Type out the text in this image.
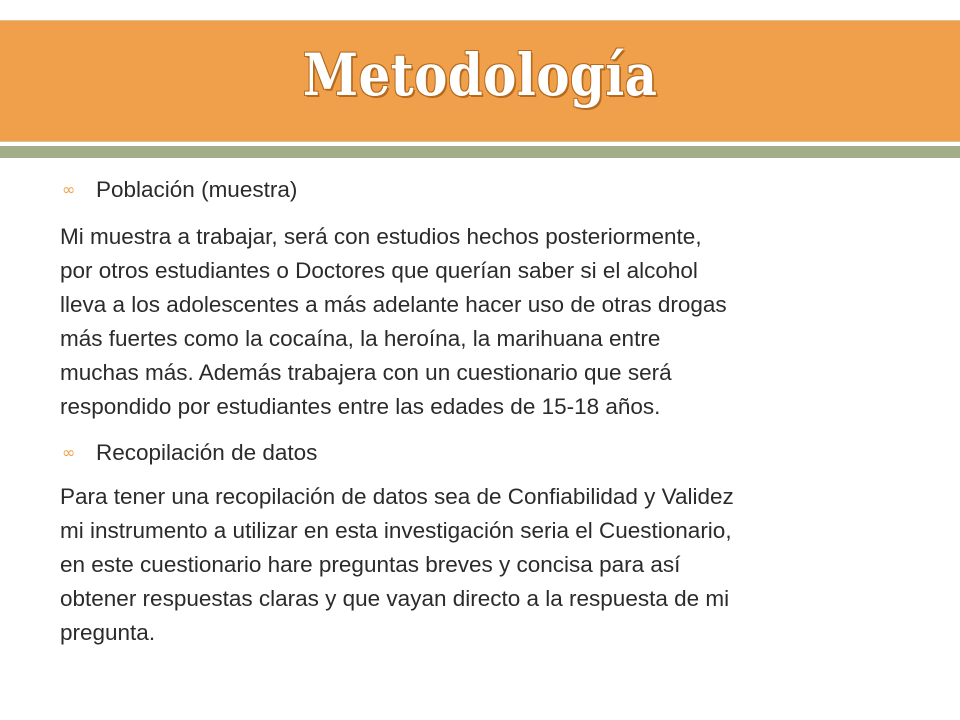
Metodología
∞ Población (muestra)
Mi muestra a trabajar, será con estudios hechos posteriormente,
por otros estudiantes o Doctores que querían saber si el alcohol
lleva a los adolescentes a más adelante hacer uso de otras drogas
más fuertes como la cocaína, la heroína, la marihuana entre
muchas más. Además trabajera con un cuestionario que será
respondido por estudiantes entre las edades de 15-18 años.
∞ Recopilación de datos
Para tener una recopilación de datos sea de Confiabilidad y Validez
mi instrumento a utilizar en esta investigación seria el Cuestionario,
en este cuestionario hare preguntas breves y concisa para así
obtener respuestas claras y que vayan directo a la respuesta de mi
pregunta.
